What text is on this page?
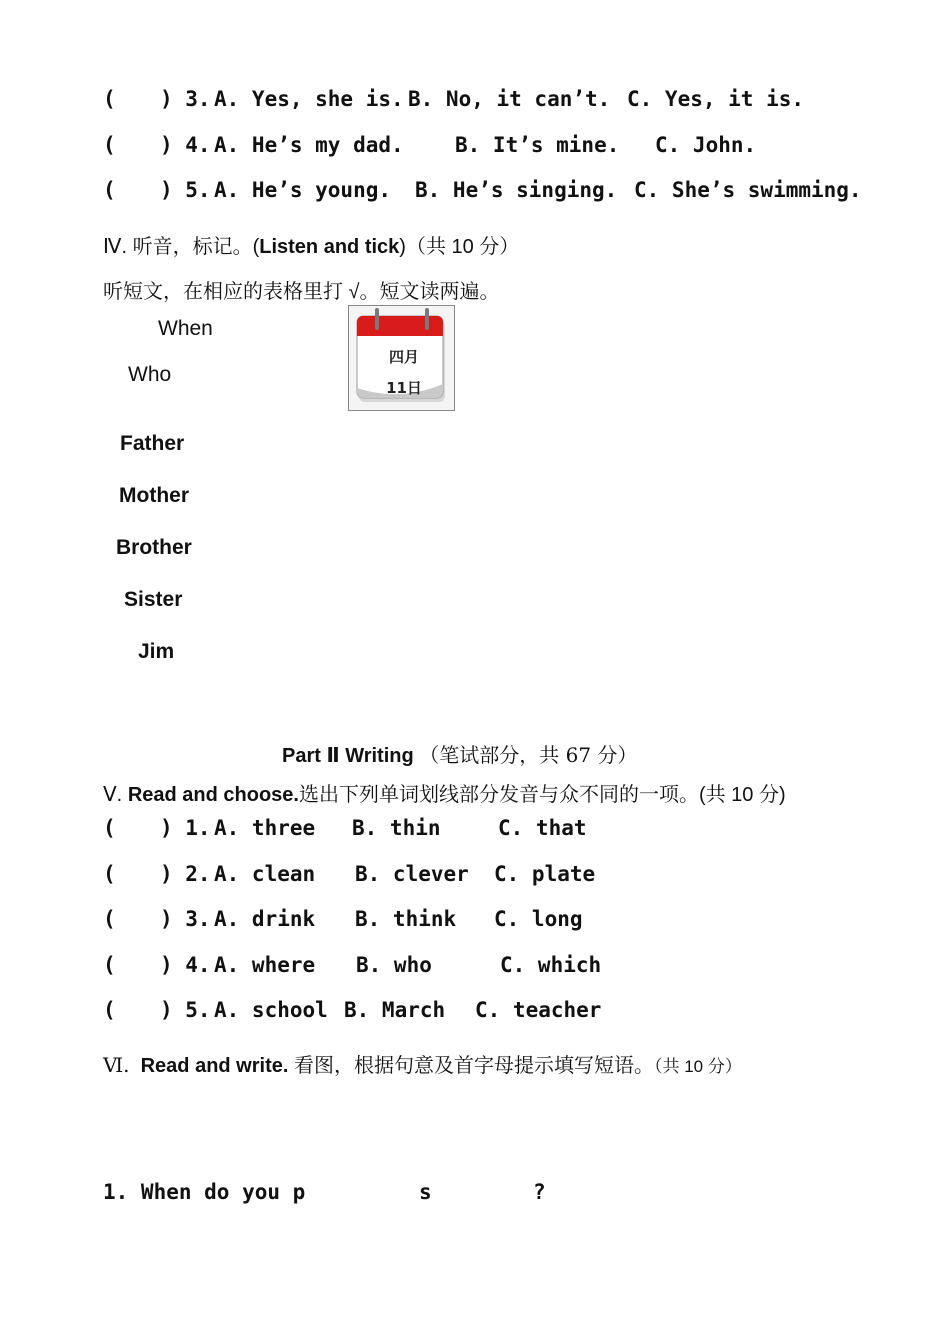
( ) 3. A. Yes, she is. B. No, it can’t. C. Yes, it is.
( ) 4. A. He’s my dad. B. It’s mine. C. John.
( ) 5. A. He’s young. B. He’s singing. C. She’s swimming.
Ⅳ. 听音，标记。(Listen and tick)（共 10 分）
听短文，在相应的表格里打 √。短文读两遍。
When
Who
四月
11日
Father
Mother
Brother
Sister
Jim
Part Ⅱ Writing （笔试部分，共 67 分）
Ⅴ. Read and choose.选出下列单词划线部分发音与众不同的一项。(共 10 分)
( ) 1. A. three B. thin	C. that
( ) 2. A. clean B. clever C. plate
( ) 3. A. drink B. think C. long
( ) 4. A. where B. who	C. which
( ) 5. A. school B. March C. teacher
Ⅵ. Read and write. 看图，根据句意及首字母提示填写短语。（共 10 分）
1. When do you p	s	?
